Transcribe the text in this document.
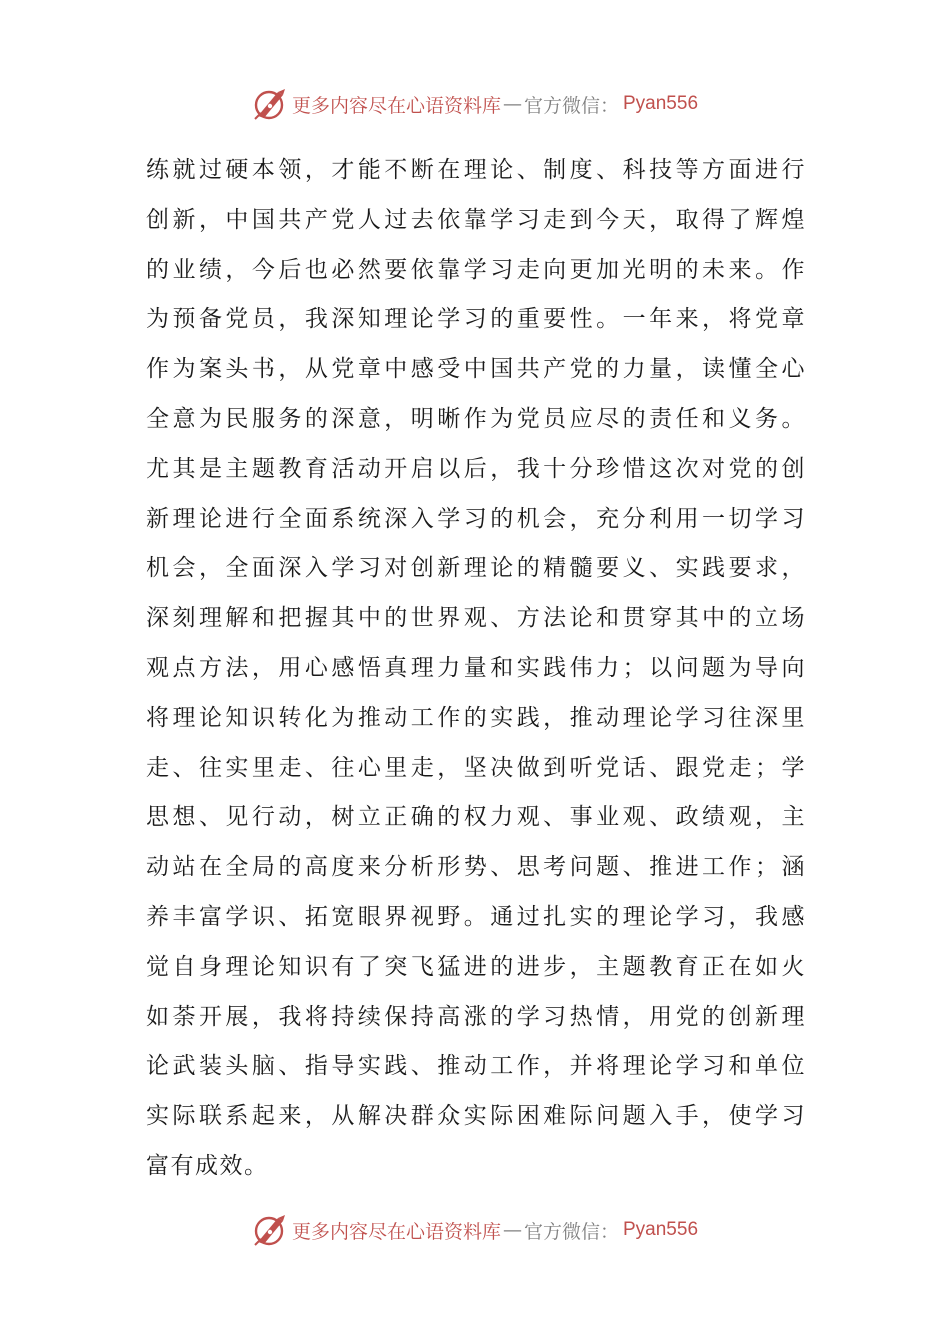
更多内容尽在心语资料库 — 官方微信： Pyan556
练就过硬本领，才能不断在理论、制度、科技等方面进行
创新，中国共产党人过去依靠学习走到今天，取得了辉煌
的业绩，今后也必然要依靠学习走向更加光明的未来。作
为预备党员，我深知理论学习的重要性。一年来，将党章
作为案头书，从党章中感受中国共产党的力量，读懂全心
全意为民服务的深意，明晰作为党员应尽的责任和义务。
尤其是主题教育活动开启以后，我十分珍惜这次对党的创
新理论进行全面系统深入学习的机会，充分利用一切学习
机会，全面深入学习对创新理论的精髓要义、实践要求，
深刻理解和把握其中的世界观、方法论和贯穿其中的立场
观点方法，用心感悟真理力量和实践伟力；以问题为导向
将理论知识转化为推动工作的实践，推动理论学习往深里
走、往实里走、往心里走，坚决做到听党话、跟党走；学
思想、见行动，树立正确的权力观、事业观、政绩观，主
动站在全局的高度来分析形势、思考问题、推进工作；涵
养丰富学识、拓宽眼界视野。通过扎实的理论学习，我感
觉自身理论知识有了突飞猛进的进步，主题教育正在如火
如荼开展，我将持续保持高涨的学习热情，用党的创新理
论武装头脑、指导实践、推动工作，并将理论学习和单位
实际联系起来，从解决群众实际困难际问题入手，使学习
富有成效。
更多内容尽在心语资料库 — 官方微信： Pyan556
